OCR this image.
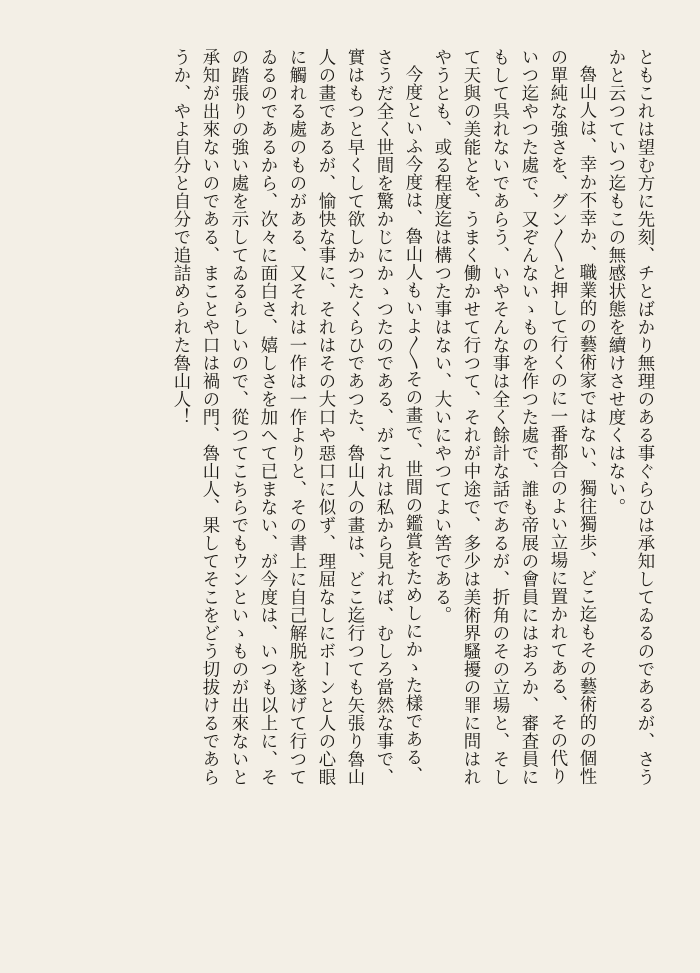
ともこれは望む方に先刻、チとばかり無理のある事ぐらひは承知してゐるのであるが、さう
かと云つていつ迄もこの無感状態を續けさせ度くはない。
魯山人は、幸か不幸か、職業的の藝術家ではない、獨往獨歩、どこ迄もその藝術的の個性
の單純な強さを、グン〳〵と押して行くのに一番都合のよい立場に置かれてある、その代り
いつ迄やつた處で、又ぞんないゝものを作つた處で、誰も帝展の會員にはおろか、審査員に
もして呉れないであらう、いやそんな事は全く餘計な話であるが、折角のその立場と、そし
て天與の美能とを、うまく働かせて行つて、それが中途で、多少は美術界騷擾の罪に問はれ
やうとも、或る程度迄は構つた事はない、大いにやつてよい筈である。
今度といふ今度は、魯山人もいよ〳〵その畫で、世間の鑑賞をためしにかゝた樣である、
さうだ全く世間を驚かじにかゝつたのである、がこれは私から見れば、むしろ當然な事で、
實はもつと早くして欲しかつたくらひであつた、魯山人の畫は、どこ迄行つても矢張り魯山
人の畫であるが、愉快な事に、それはその大口や惡口に似ず、理屈なしにボーンと人の心眼
に觸れる處のものがある、又それは一作は一作よりと、その書上に自己解脱を遂げて行つて
ゐるのであるから、次々に面白さ、嬉しさを加へて已まない、が今度は、いつも以上に、そ
の踏張りの強い處を示してゐるらしいので、從つてこちらでもウンといゝものが出來ないと
承知が出來ないのである、まことや口は禍の門、魯山人、果してそこをどう切拔けるであら
うか、やよ自分と自分で追詰められた魯山人！
